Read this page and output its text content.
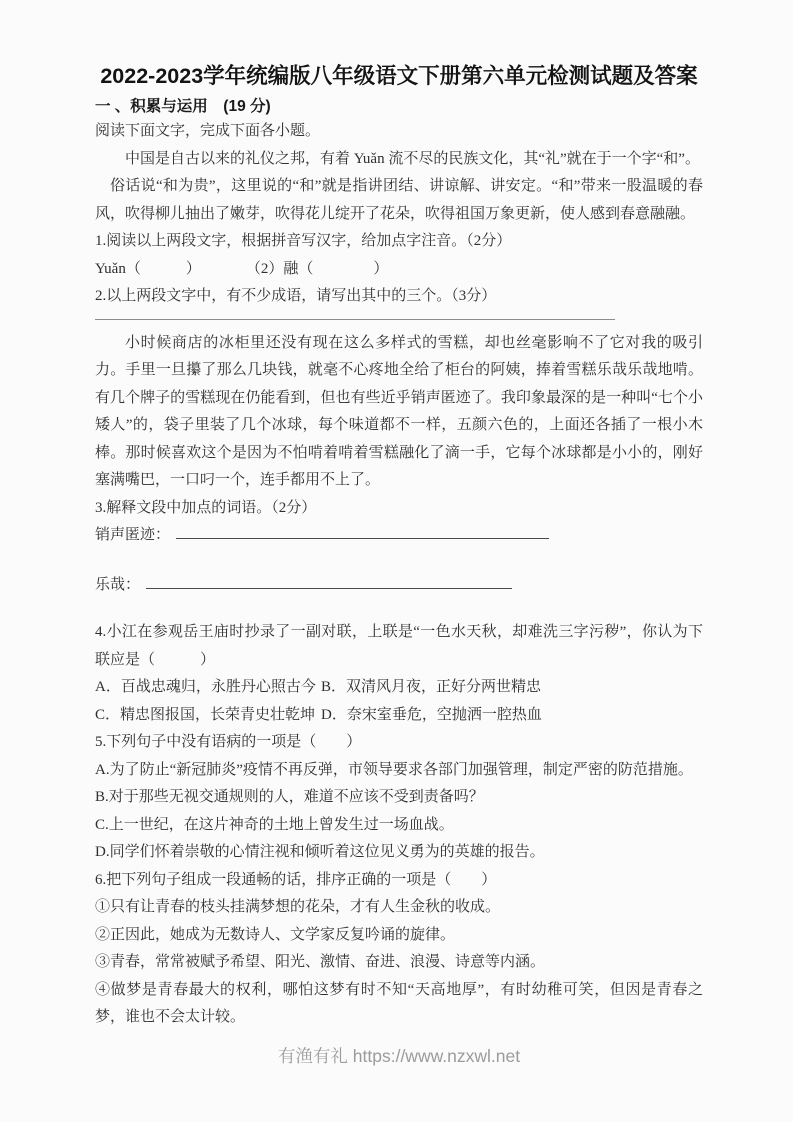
2022-2023学年统编版八年级语文下册第六单元检测试题及答案
一 、积累与运用　(19 分)
阅读下面文字，完成下面各小题。

中国是自古以来的礼仪之邦，有着 Yuǎn 流不尽的民族文化，其“礼”就在于一个字“和”。

俗话说“和为贵”，这里说的“和”就是指讲团结、讲谅解、讲安定。“和”带来一股温暖的春风，吹得柳儿抽出了嫩芽，吹得花儿绽开了花朵，吹得祖国万象更新，使人感到春意融融。

1.阅读以上两段文字，根据拼音写汉字，给加点字注音。（2分）
Yuǎn（　　　）　　　　（2）融（　　　　）
2.以上两段文字中，有不少成语，请写出其中的三个。（3分）

小时候商店的冰柜里还没有现在这么多样式的雪糕，却也丝毫影响不了它对我的吸引力。手里一旦攥了那么几块钱，就毫不心疼地全给了柜台的阿姨，捧着雪糕乐哉乐哉地啃。有几个牌子的雪糕现在仍能看到，但也有些近乎销声匿迹了。我印象最深的是一种叫“七个小矮人”的，袋子里装了几个冰球，每个味道都不一样，五颜六色的，上面还各插了一根小木棒。那时候喜欢这个是因为不怕啃着啃着雪糕融化了滴一手，它每个冰球都是小小的，刚好塞满嘴巴，一口叼一个，连手都用不上了。

3.解释文段中加点的词语。（2分）
销声匿迹：
乐哉：

4.小江在参观岳王庙时抄录了一副对联，上联是“一色水天秋，却难洗三字污秽”，你认为下联应是（　　　）

A．百战忠魂归，永胜丹心照古今 B．双清风月夜，正好分两世精忠
C．精忠图报国，长荣青史壮乾坤 D．奈宋室垂危，空抛洒一腔热血
5.下列句子中没有语病的一项是（　　）
A.为了防止“新冠肺炎”疫情不再反弹，市领导要求各部门加强管理，制定严密的防范措施。
B.对于那些无视交通规则的人，难道不应该不受到责备吗？
C.上一世纪，在这片神奇的土地上曾发生过一场血战。
D.同学们怀着崇敬的心情注视和倾听着这位见义勇为的英雄的报告。
6.把下列句子组成一段通畅的话，排序正确的一项是（　　）
①只有让青春的枝头挂满梦想的花朵，才有人生金秋的收成。
②正因此，她成为无数诗人、文学家反复吟诵的旋律。
③青春，常常被赋予希望、阳光、激情、奋进、浪漫、诗意等内涵。
④做梦是青春最大的权利，哪怕这梦有时不知“天高地厚”，有时幼稚可笑，但因是青春之梦，谁也不会太计较。
有渔有礼 https://www.nzxwl.net
